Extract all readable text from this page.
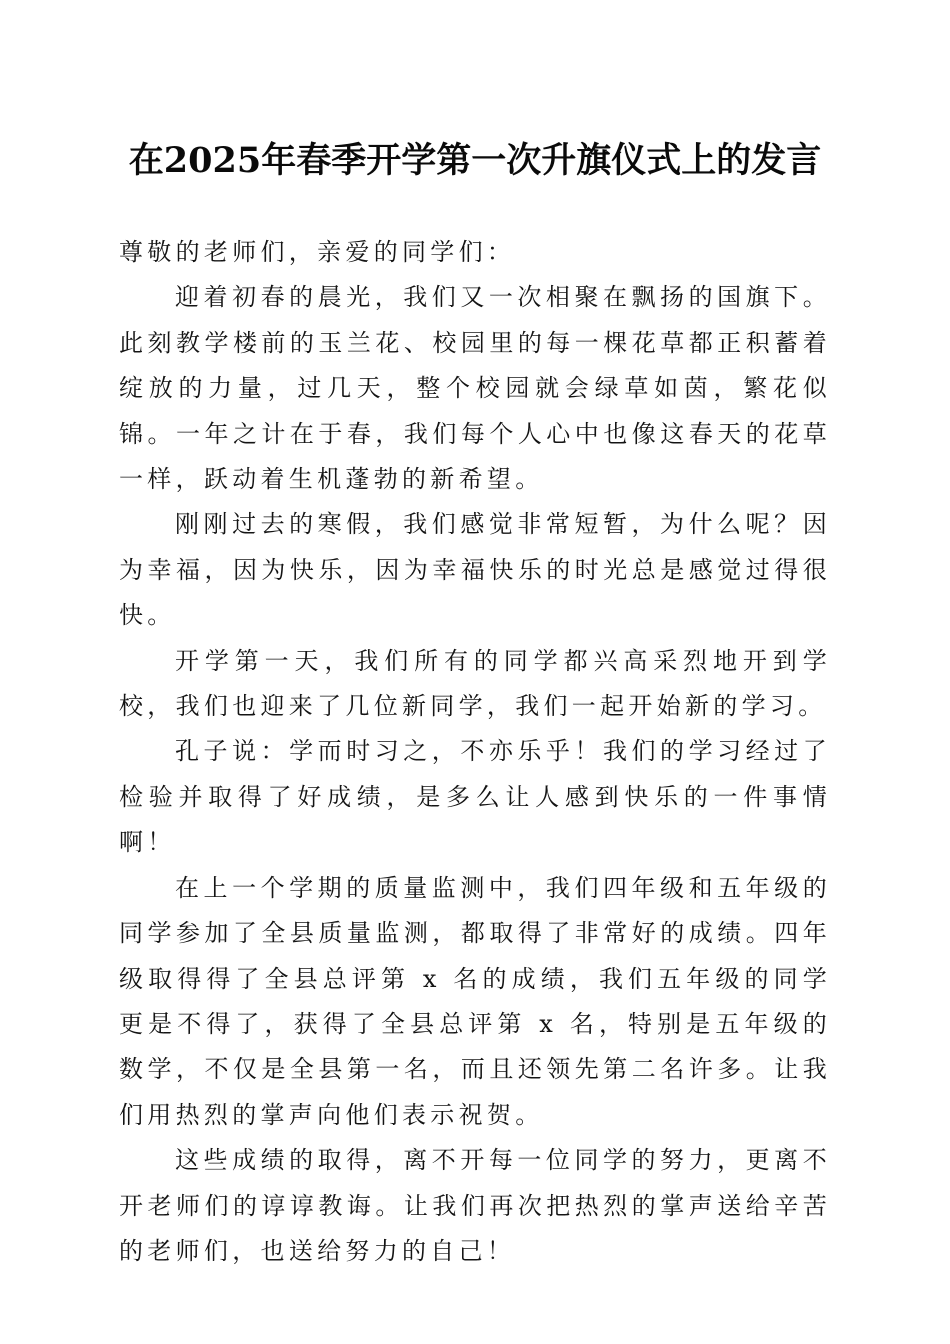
在2025年春季开学第一次升旗仪式上的发言

尊敬的老师们，亲爱的同学们：

迎着初春的晨光，我们又一次相聚在飘扬的国旗下。此刻教学楼前的玉兰花、校园里的每一棵花草都正积蓄着绽放的力量，过几天，整个校园就会绿草如茵，繁花似锦。一年之计在于春，我们每个人心中也像这春天的花草一样，跃动着生机蓬勃的新希望。

刚刚过去的寒假，我们感觉非常短暂，为什么呢？因为幸福，因为快乐，因为幸福快乐的时光总是感觉过得很快。

开学第一天，我们所有的同学都兴高采烈地开到学校，我们也迎来了几位新同学，我们一起开始新的学习。

孔子说：学而时习之，不亦乐乎！我们的学习经过了检验并取得了好成绩，是多么让人感到快乐的一件事情啊！

在上一个学期的质量监测中，我们四年级和五年级的同学参加了全县质量监测，都取得了非常好的成绩。四年级取得得了全县总评第 x 名的成绩，我们五年级的同学更是不得了，获得了全县总评第 x 名，特别是五年级的数学，不仅是全县第一名，而且还领先第二名许多。让我们用热烈的掌声向他们表示祝贺。

这些成绩的取得，离不开每一位同学的努力，更离不开老师们的谆谆教诲。让我们再次把热烈的掌声送给辛苦的老师们，也送给努力的自己！
